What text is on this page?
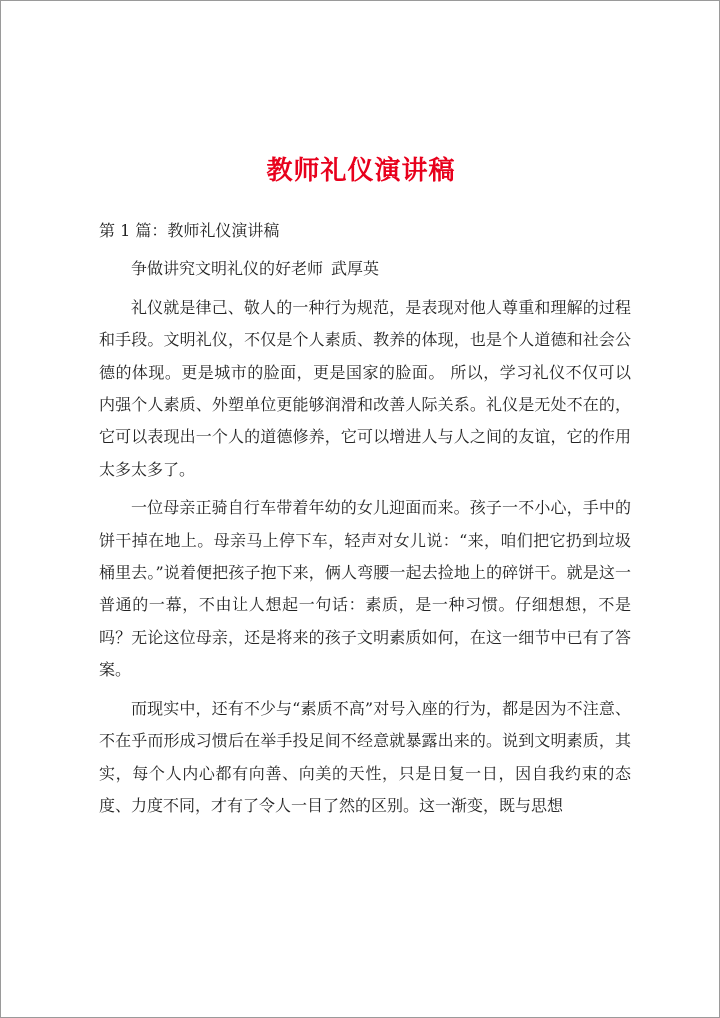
教师礼仪演讲稿

第 1 篇：教师礼仪演讲稿

争做讲究文明礼仪的好老师 武厚英

礼仪就是律己、敬人的一种行为规范，是表现对他人尊重和理解的过程和手段。文明礼仪，不仅是个人素质、教养的体现，也是个人道德和社会公德的体现。更是城市的脸面，更是国家的脸面。 所以，学习礼仪不仅可以内强个人素质、外塑单位更能够润滑和改善人际关系。礼仪是无处不在的，它可以表现出一个人的道德修养，它可以增进人与人之间的友谊，它的作用太多太多了。

一位母亲正骑自行车带着年幼的女儿迎面而来。孩子一不小心，手中的饼干掉在地上。母亲马上停下车，轻声对女儿说：“来，咱们把它扔到垃圾桶里去。”说着便把孩子抱下来，俩人弯腰一起去捡地上的碎饼干。就是这一普通的一幕，不由让人想起一句话：素质，是一种习惯。仔细想想，不是吗？无论这位母亲，还是将来的孩子文明素质如何，在这一细节中已有了答案。

而现实中，还有不少与“素质不高”对号入座的行为，都是因为不注意、不在乎而形成习惯后在举手投足间不经意就暴露出来的。说到文明素质，其实，每个人内心都有向善、向美的天性，只是日复一日，因自我约束的态度、力度不同，才有了令人一目了然的区别。这一渐变，既与思想
